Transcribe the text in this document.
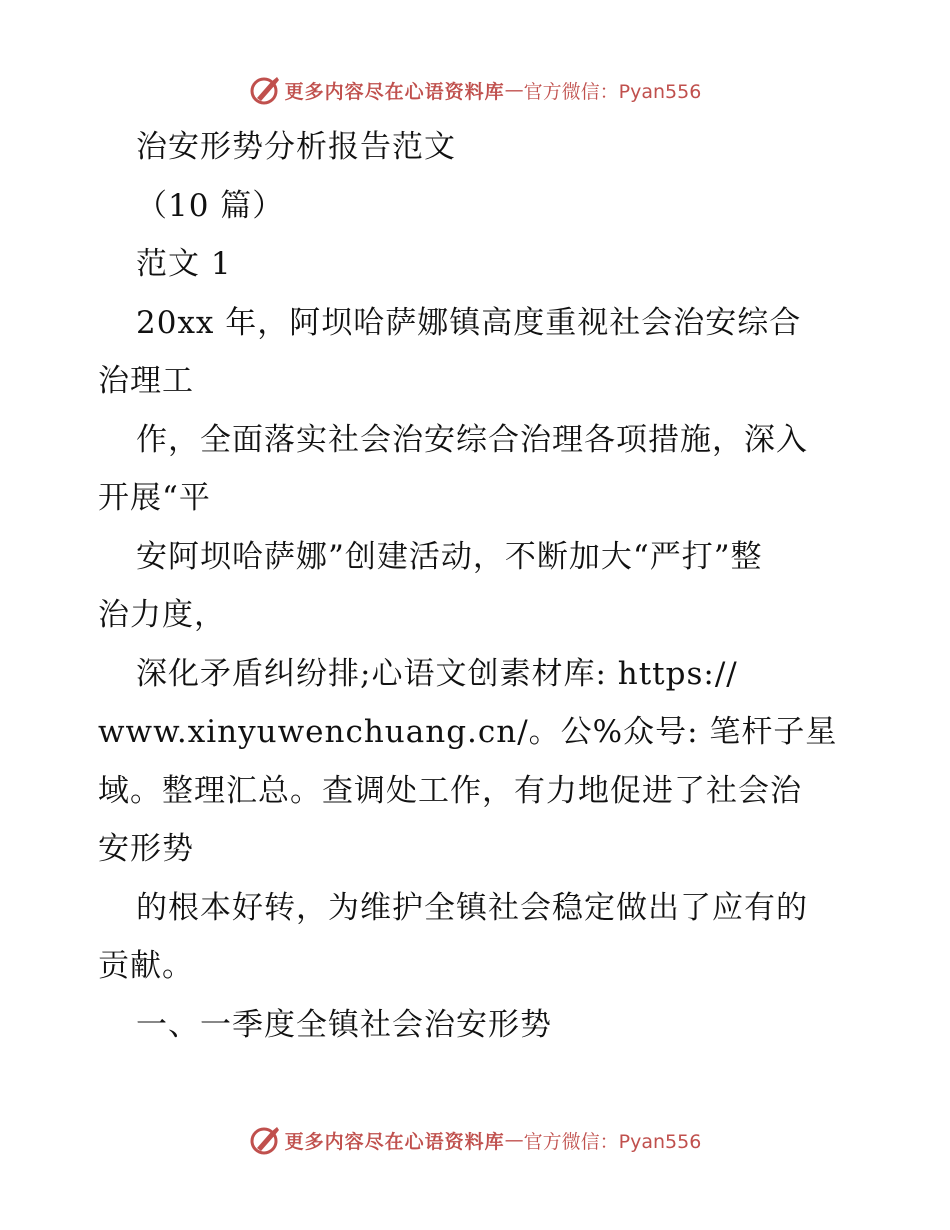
更多内容尽在心语资料库 — 官方微信：Pyan556
治安形势分析报告范文
（10 篇）
范文 1
20xx 年，阿坝哈萨娜镇高度重视社会治安综合
治理工
作，全面落实社会治安综合治理各项措施，深入
开展“平
安阿坝哈萨娜”创建活动，不断加大“严打”整
治力度，
深化矛盾纠纷排;心语文创素材库: https://
www.xinyuwenchuang.cn/。公%众号: 笔杆子星
域。整理汇总。查调处工作，有力地促进了社会治
安形势
的根本好转，为维护全镇社会稳定做出了应有的
贡献。
一、一季度全镇社会治安形势
更多内容尽在心语资料库 — 官方微信：Pyan556
